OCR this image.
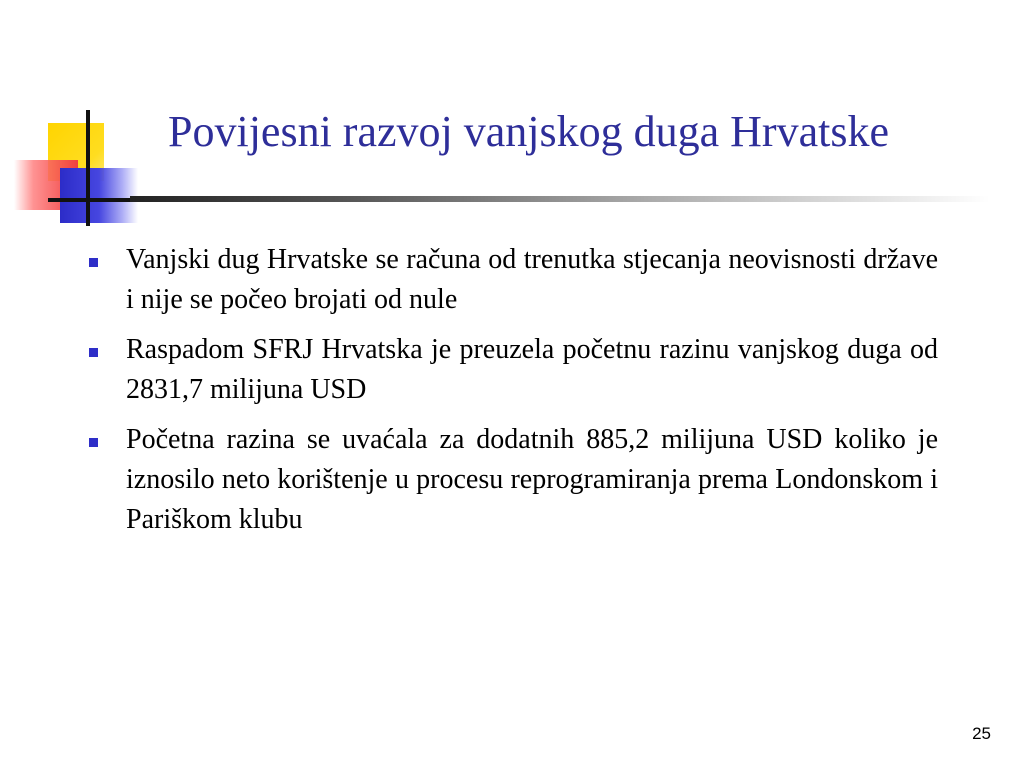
Povijesni razvoj vanjskog duga Hrvatske
Vanjski dug Hrvatske se računa od trenutka stjecanja neovisnosti države i nije se počeo brojati od nule
Raspadom SFRJ Hrvatska je preuzela početnu razinu vanjskog duga od 2831,7 milijuna USD
Početna razina se uvaćala za dodatnih 885,2 milijuna USD koliko je iznosilo neto korištenje u procesu reprogramiranja prema Londonskom i Pariškom klubu
25
